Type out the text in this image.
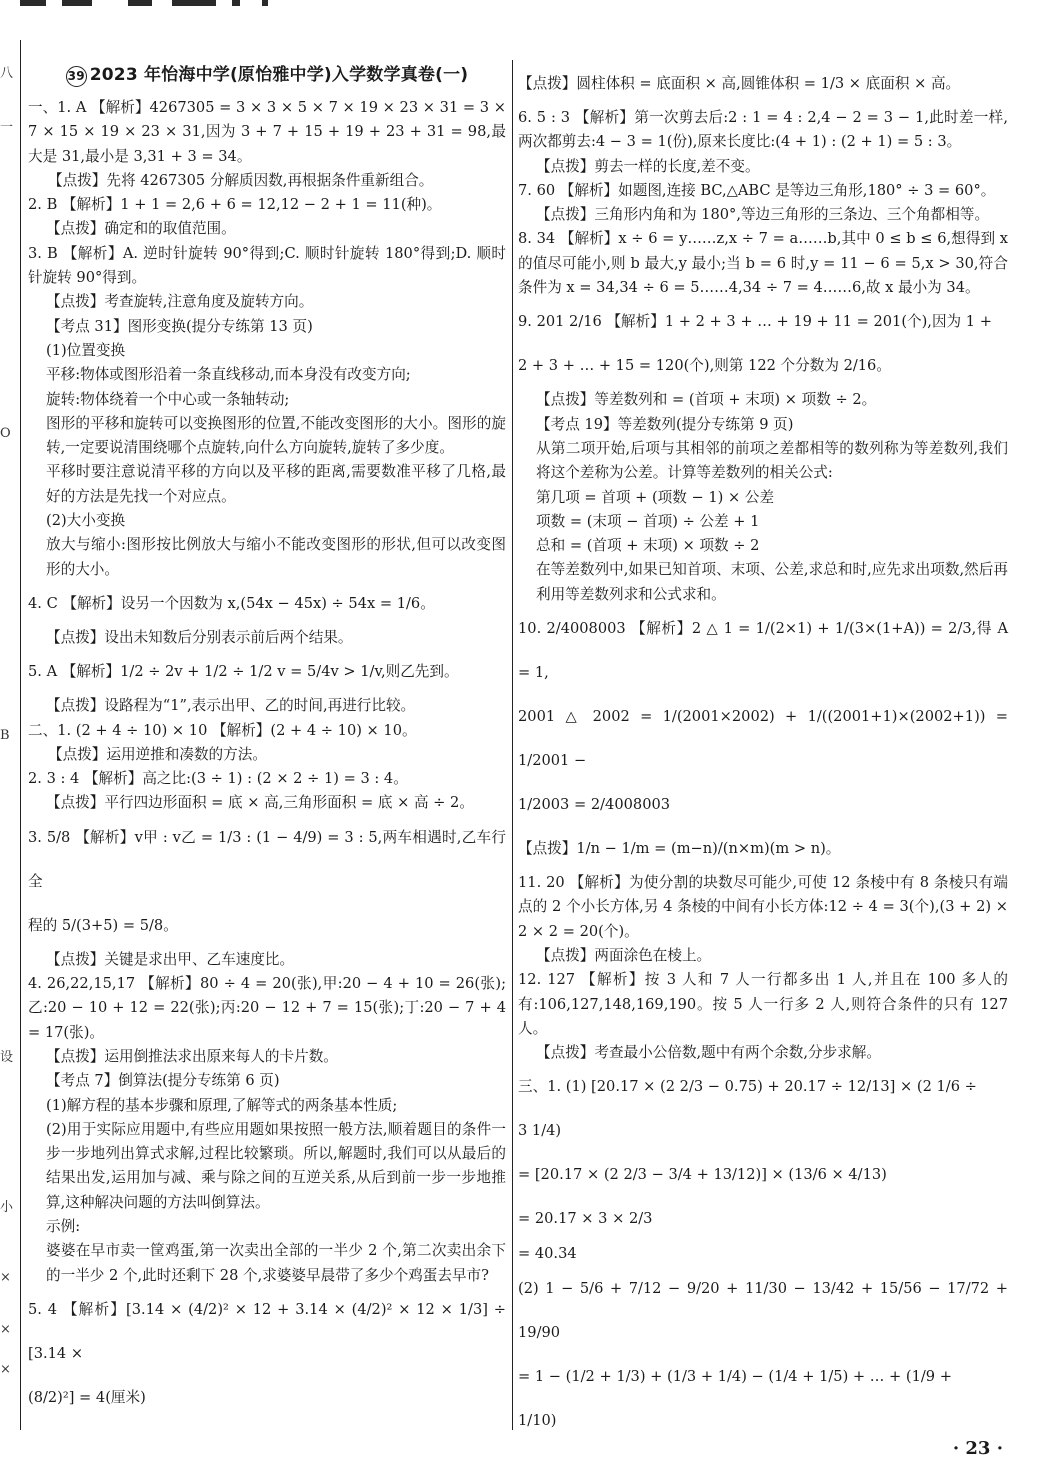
八
一
O
B
设
小
×
×
×
39 2023 年怡海中学(原怡雅中学)入学数学真卷(一)

一、1. A 【解析】4267305 = 3 × 3 × 5 × 7 × 19 × 23 × 31 = 3 × 7 × 15 × 19 × 23 × 31,因为 3 + 7 + 15 + 19 + 23 + 31 = 98,最大是 31,最小是 3,31 + 3 = 34。

【点拨】先将 4267305 分解质因数,再根据条件重新组合。

2. B 【解析】1 + 1 = 2,6 + 6 = 12,12 − 2 + 1 = 11(种)。

【点拨】确定和的取值范围。

3. B 【解析】A. 逆时针旋转 90°得到;C. 顺时针旋转 180°得到;D. 顺时针旋转 90°得到。

【点拨】考查旋转,注意角度及旋转方向。

【考点 31】图形变换(提分专练第 13 页)

(1)位置变换

平移:物体或图形沿着一条直线移动,而本身没有改变方向;

旋转:物体绕着一个中心或一条轴转动;

图形的平移和旋转可以变换图形的位置,不能改变图形的大小。图形的旋转,一定要说清围绕哪个点旋转,向什么方向旋转,旋转了多少度。

平移时要注意说清平移的方向以及平移的距离,需要数准平移了几格,最好的方法是先找一个对应点。

(2)大小变换

放大与缩小:图形按比例放大与缩小不能改变图形的形状,但可以改变图形的大小。

4. C 【解析】设另一个因数为 x,(54x − 45x) ÷ 54x = 1/6。

【点拨】设出未知数后分别表示前后两个结果。

5. A 【解析】1/2 ÷ 2v + 1/2 ÷ 1/2 v = 5/4v > 1/v,则乙先到。

【点拨】设路程为“1”,表示出甲、乙的时间,再进行比较。

二、1. (2 + 4 ÷ 10) × 10 【解析】(2 + 4 ÷ 10) × 10。

【点拨】运用逆推和凑数的方法。

2. 3 : 4 【解析】高之比:(3 ÷ 1) : (2 × 2 ÷ 1) = 3 : 4。

【点拨】平行四边形面积 = 底 × 高,三角形面积 = 底 × 高 ÷ 2。

3. 5/8 【解析】v甲 : v乙 = 1/3 : (1 − 4/9) = 3 : 5,两车相遇时,乙车行全

程的 5/(3+5) = 5/8。

【点拨】关键是求出甲、乙车速度比。

4. 26,22,15,17 【解析】80 ÷ 4 = 20(张),甲:20 − 4 + 10 = 26(张);乙:20 − 10 + 12 = 22(张);丙:20 − 12 + 7 = 15(张);丁:20 − 7 + 4 = 17(张)。

【点拨】运用倒推法求出原来每人的卡片数。

【考点 7】倒算法(提分专练第 6 页)

(1)解方程的基本步骤和原理,了解等式的两条基本性质;

(2)用于实际应用题中,有些应用题如果按照一般方法,顺着题目的条件一步一步地列出算式求解,过程比较繁琐。所以,解题时,我们可以从最后的结果出发,运用加与减、乘与除之间的互逆关系,从后到前一步一步地推算,这种解决问题的方法叫倒算法。

示例:

婆婆在早市卖一筐鸡蛋,第一次卖出全部的一半少 2 个,第二次卖出余下的一半少 2 个,此时还剩下 28 个,求婆婆早晨带了多少个鸡蛋去早市?

5. 4 【解析】[3.14 × (4/2)² × 12 + 3.14 × (4/2)² × 12 × 1/3] ÷ [3.14 ×

(8/2)²] = 4(厘米)

【点拨】圆柱体积 = 底面积 × 高,圆锥体积 = 1/3 × 底面积 × 高。

6. 5 : 3 【解析】第一次剪去后:2 : 1 = 4 : 2,4 − 2 = 3 − 1,此时差一样,两次都剪去:4 − 3 = 1(份),原来长度比:(4 + 1) : (2 + 1) = 5 : 3。

【点拨】剪去一样的长度,差不变。

7. 60 【解析】如题图,连接 BC,△ABC 是等边三角形,180° ÷ 3 = 60°。

【点拨】三角形内角和为 180°,等边三角形的三条边、三个角都相等。

8. 34 【解析】x ÷ 6 = y……z,x ÷ 7 = a……b,其中 0 ≤ b ≤ 6,想得到 x 的值尽可能小,则 b 最大,y 最小;当 b = 6 时,y = 11 − 6 = 5,x > 30,符合条件为 x = 34,34 ÷ 6 = 5……4,34 ÷ 7 = 4……6,故 x 最小为 34。

9. 201 2/16 【解析】1 + 2 + 3 + … + 19 + 11 = 201(个),因为 1 +

2 + 3 + … + 15 = 120(个),则第 122 个分数为 2/16。

【点拨】等差数列和 = (首项 + 末项) × 项数 ÷ 2。

【考点 19】等差数列(提分专练第 9 页)

从第二项开始,后项与其相邻的前项之差都相等的数列称为等差数列,我们将这个差称为公差。计算等差数列的相关公式:

第几项 = 首项 + (项数 − 1) × 公差

项数 = (末项 − 首项) ÷ 公差 + 1

总和 = (首项 + 末项) × 项数 ÷ 2

在等差数列中,如果已知首项、末项、公差,求总和时,应先求出项数,然后再利用等差数列求和公式求和。

10. 2/4008003 【解析】2 △ 1 = 1/(2×1) + 1/(3×(1+A)) = 2/3,得 A = 1,

2001 △ 2002 = 1/(2001×2002) + 1/((2001+1)×(2002+1)) = 1/2001 −

1/2003 = 2/4008003

【点拨】1/n − 1/m = (m−n)/(n×m)(m > n)。

11. 20 【解析】为使分割的块数尽可能少,可使 12 条棱中有 8 条棱只有端点的 2 个小长方体,另 4 条棱的中间有小长方体:12 ÷ 4 = 3(个),(3 + 2) × 2 × 2 = 20(个)。

【点拨】两面涂色在棱上。

12. 127 【解析】按 3 人和 7 人一行都多出 1 人,并且在 100 多人的有:106,127,148,169,190。按 5 人一行多 2 人,则符合条件的只有 127 人。

【点拨】考查最小公倍数,题中有两个余数,分步求解。

三、1. (1) [20.17 × (2 2/3 − 0.75) + 20.17 ÷ 12/13] × (2 1/6 ÷

3 1/4)

= [20.17 × (2 2/3 − 3/4 + 13/12)] × (13/6 × 4/13)

= 20.17 × 3 × 2/3

= 40.34

(2) 1 − 5/6 + 7/12 − 9/20 + 11/30 − 13/42 + 15/56 − 17/72 + 19/90

= 1 − (1/2 + 1/3) + (1/3 + 1/4) − (1/4 + 1/5) + … + (1/9 +

1/10)

· 23 ·
